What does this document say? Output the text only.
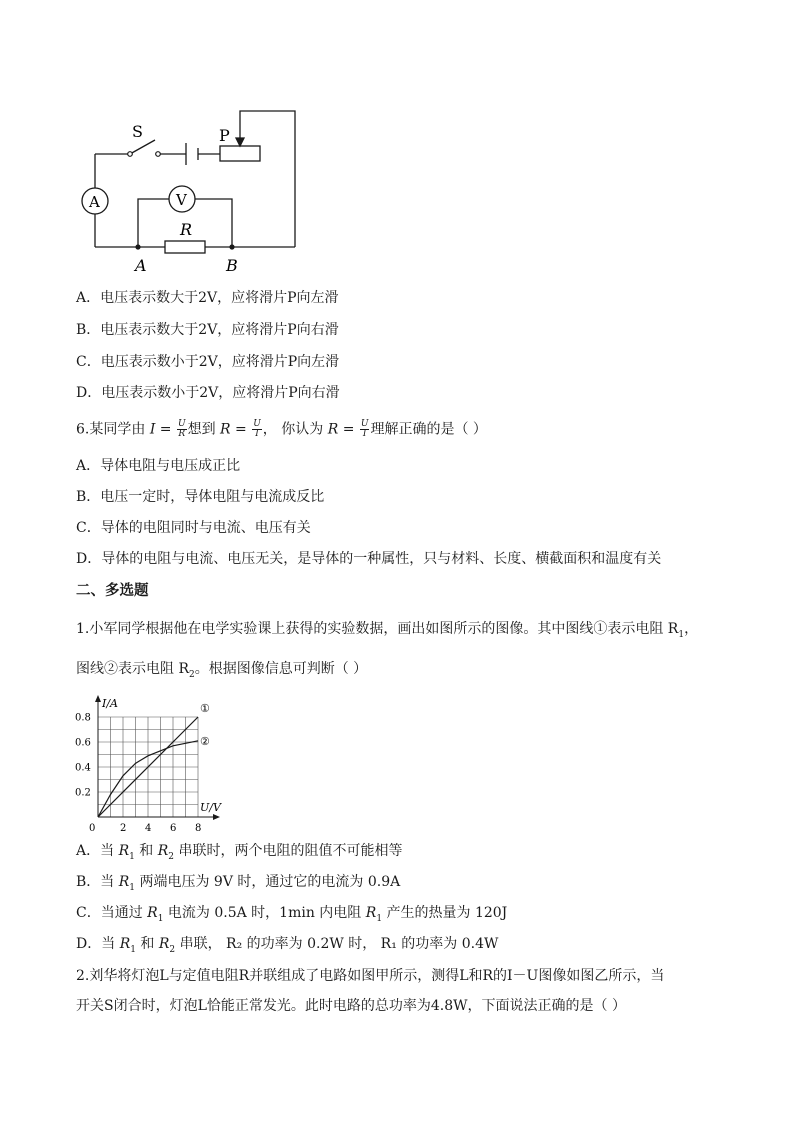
S	P
A	V
R
A	B
A．电压表示数大于2V，应将滑片P向左滑
B．电压表示数大于2V，应将滑片P向右滑
C．电压表示数小于2V，应将滑片P向左滑
D．电压表示数小于2V，应将滑片P向右滑
6.某同学由 $I = \frac{U}{R}$ 想到 $R = \frac{U}{I}$ ， 你认为 $R = \frac{U}{I}$ 理解正确的是（ ）
A．导体电阻与电压成正比
B．电压一定时，导体电阻与电流成反比
C．导体的电阻同时与电流、电压有关
D．导体的电阻与电流、电压无关，是导体的一种属性，只与材料、长度、横截面积和温度有关
二、多选题
1.小军同学根据他在电学实验课上获得的实验数据，画出如图所示的图像。其中图线①表示电阻 $R_1$，
图线②表示电阻 $R_2$。根据图像信息可判断（ ）
0 2 4 6 8
0.2
0.4
0.6
0.8
I/A
U/V
①
②
A．当 $R_1$ 和 $R_2$ 串联时，两个电阻的阻值不可能相等
B．当 $R_1$ 两端电压为 9V 时，通过它的电流为 0.9A
C．当通过 $R_1$ 电流为 0.5A 时，1min 内电阻 $R_1$ 产生的热量为 120J
D．当 $R_1$ 和 $R_2$ 串联， R₂ 的功率为 0.2W 时， R₁ 的功率为 0.4W
2.刘华将灯泡L与定值电阻R并联组成了电路如图甲所示，测得L和R的I－U图像如图乙所示，当
开关S闭合时，灯泡L恰能正常发光。此时电路的总功率为4.8W，下面说法正确的是（ ）
